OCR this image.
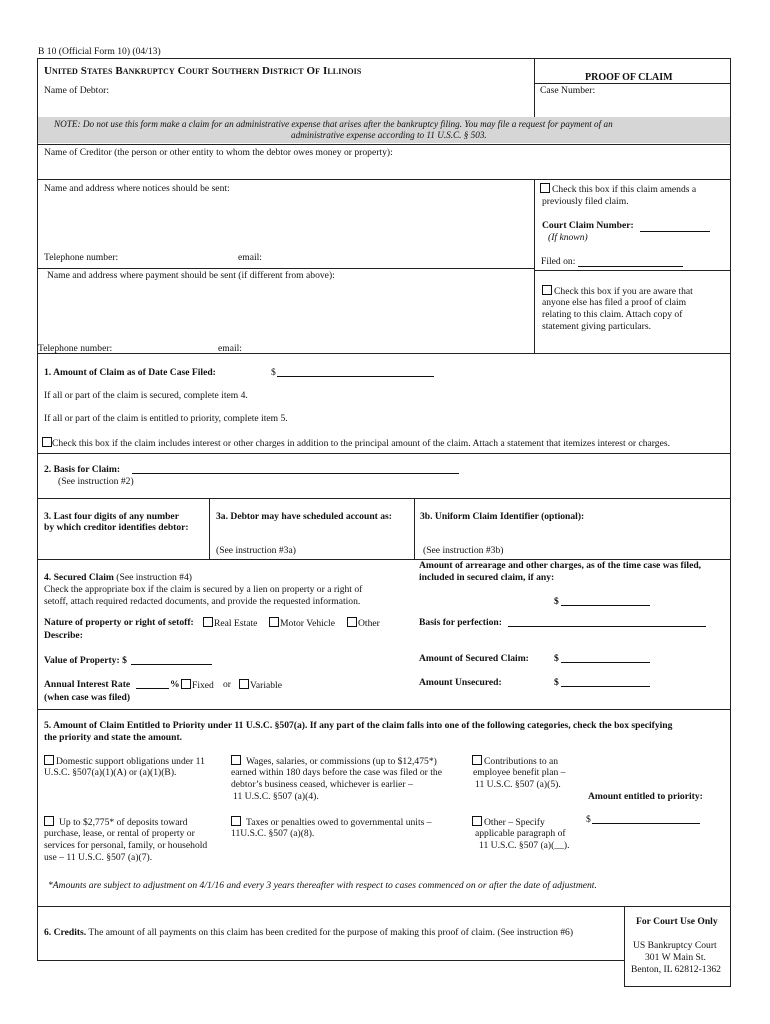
B 10 (Official Form 10) (04/13)
United States Bankruptcy Court Southern District Of Illinois
PROOF OF CLAIM
Name of Debtor:	Case Number:
NOTE: Do not use this form make a claim for an administrative expense that arises after the bankruptcy filing. You may file a request for payment of an
administrative expense according to 11 U.S.C. § 503.
Name of Creditor (the person or other entity to whom the debtor owes money or property):
Name and address where notices should be sent:	Check this box if this claim amends a
previously filed claim.
Court Claim Number:
(If known)
Telephone number:	email:	Filed on:
Name and address where payment should be sent (if different from above):
Check this box if you are aware that
anyone else has filed a proof of claim
relating to this claim. Attach copy of
statement giving particulars.
Telephone number:	email:
1. Amount of Claim as of Date Case Filed:	$
If all or part of the claim is secured, complete item 4.
If all or part of the claim is entitled to priority, complete item 5.
Check this box if the claim includes interest or other charges in addition to the principal amount of the claim. Attach a statement that itemizes interest or charges.
2. Basis for Claim:
(See instruction #2)
3. Last four digits of any number
by which creditor identifies debtor:
3a. Debtor may have scheduled account as:	3b. Uniform Claim Identifier (optional):
(See instruction #3a)	(See instruction #3b)
Amount of arrearage and other charges, as of the time case was filed,
included in secured claim, if any:
4. Secured Claim (See instruction #4)
Check the appropriate box if the claim is secured by a lien on property or a right of
setoff, attach required redacted documents, and provide the requested information.	$
Nature of property or right of setoff:	Real Estate	Motor Vehicle	Other	Basis for perfection:
Describe:
Value of Property: $	Amount of Secured Claim:	$
Amount Unsecured:	$
Annual Interest Rate	%	Fixed or	Variable
(when case was filed)
5. Amount of Claim Entitled to Priority under 11 U.S.C. §507(a). If any part of the claim falls into one of the following categories, check the box specifying
the priority and state the amount.
Domestic support obligations under 11
U.S.C. §507(a)(1)(A) or (a)(1)(B).
Wages, salaries, or commissions (up to $12,475*)
earned within 180 days before the case was filed or the
debtor’s business ceased, whichever is earlier –
11 U.S.C. §507 (a)(4).
Contributions to an
employee benefit plan –
11 U.S.C. §507 (a)(5).
Amount entitled to priority:
Up to $2,775* of deposits toward
purchase, lease, or rental of property or
services for personal, family, or household
use – 11 U.S.C. §507 (a)(7).
Taxes or penalties owed to governmental units –
11U.S.C. §507 (a)(8).
Other – Specify
applicable paragraph of
11 U.S.C. §507 (a)(__).
$
*Amounts are subject to adjustment on 4/1/16 and every 3 years thereafter with respect to cases commenced on or after the date of adjustment.
6. Credits. The amount of all payments on this claim has been credited for the purpose of making this proof of claim. (See instruction #6)
For Court Use Only
US Bankruptcy Court
301 W Main St.
Benton, IL 62812-1362
